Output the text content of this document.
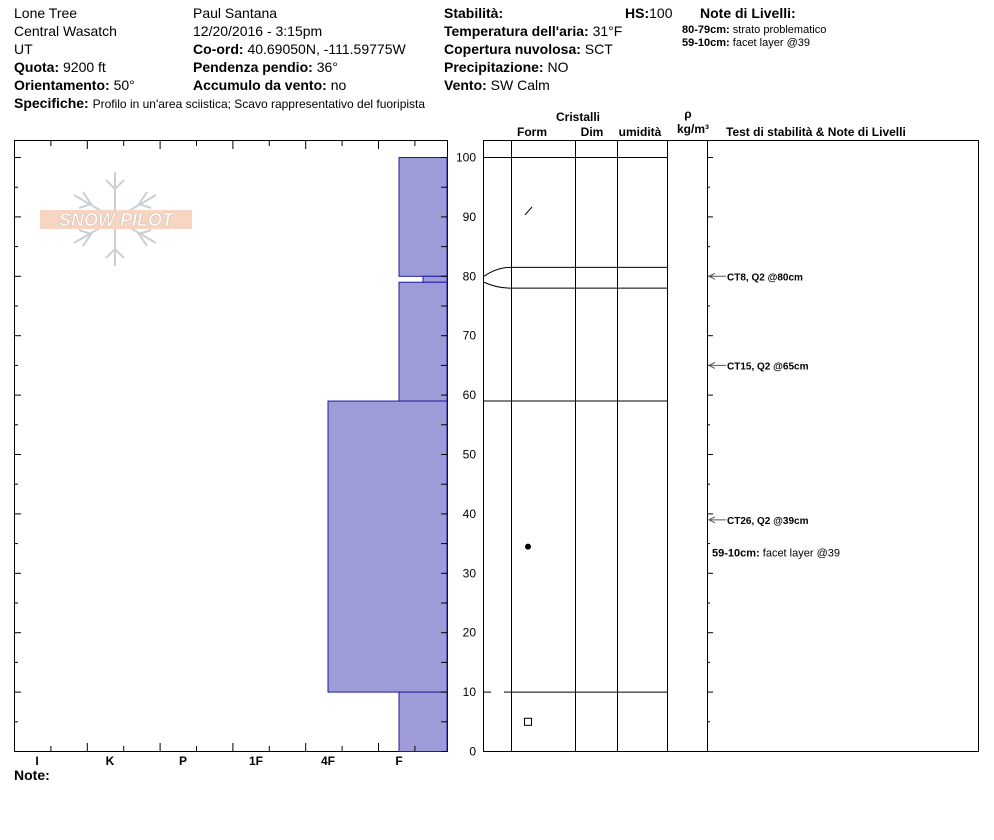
Lone Tree
Central Wasatch
UT
Quota: 9200 ft
Orientamento: 50°
Specifiche: Profilo in un'area sciistica; Scavo rappresentativo del fuoripista
Paul Santana
12/20/2016 - 3:15pm
Co-ord: 40.69050N, -111.59775W
Pendenza pendio: 36°
Accumulo da vento: no
Stabilità:	HS:100
Temperatura dell'aria: 31°F
Copertura nuvolosa: SCT
Precipitazione: NO
Vento: SW Calm
Note di Livelli:
80-79cm: strato problematico
59-10cm: facet layer @39
Cristalli
Form	Dim	umidità
ρ
kg/m³	Test di stabilità & Note di Livelli
SNOW PILOT
0
10
20
30
40
50
60
70
80
90
100
I	K	P	1F	4F	F
CT8, Q2 @80cm
CT15, Q2 @65cm
CT26, Q2 @39cm
59-10cm: facet layer @39
Note:
